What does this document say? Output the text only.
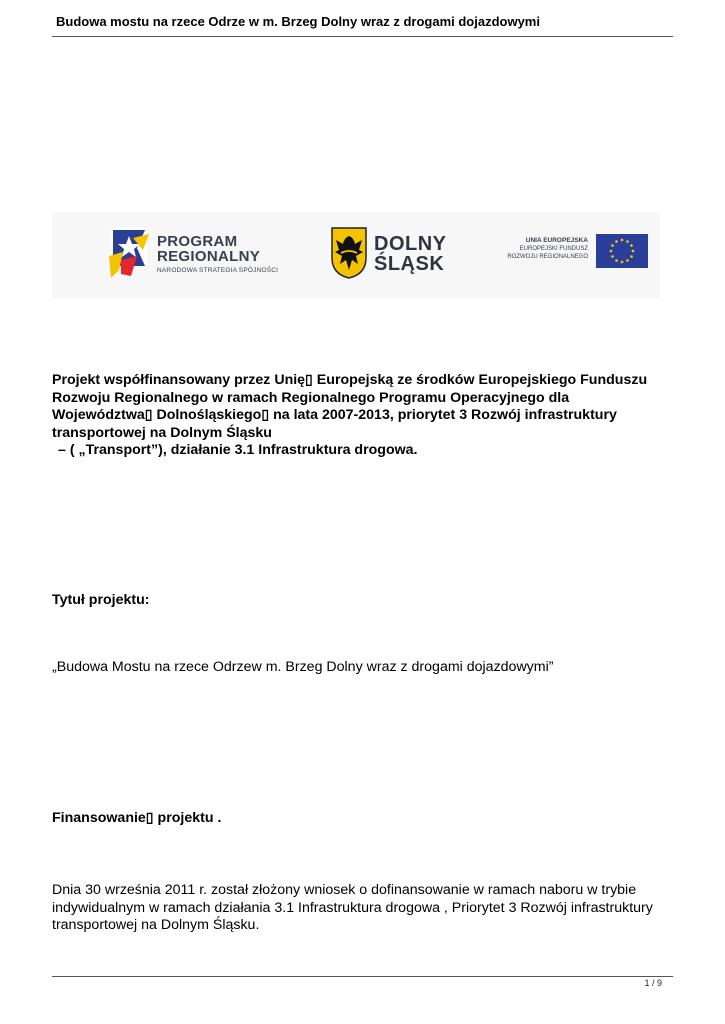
Budowa mostu na rzece Odrze w m. Brzeg Dolny wraz z drogami dojazdowymi
PROGRAM
REGIONALNY
NARODOWA STRATEGIA SPÓJNOŚCI
DOLNY
ŚLĄSK
UNIA EUROPEJSKA
EUROPEJSKI FUNDUSZ
ROZWOJU REGIONALNEGO
Projekt współfinansowany przez Unię▯ Europejską ze środków Europejskiego Funduszu
Rozwoju Regionalnego w ramach Regionalnego Programu Operacyjnego dla
Województwa▯ Dolnośląskiego▯ na lata 2007-2013, priorytet 3 Rozwój infrastruktury
transportowej na Dolnym Śląsku
– ( „Transport”), działanie 3.1 Infrastruktura drogowa.
Tytuł projektu:
„Budowa Mostu na rzece Odrzew m. Brzeg Dolny wraz z drogami dojazdowymi”
Finansowanie▯ projektu .
Dnia 30 września 2011 r. został złożony wniosek o dofinansowanie w ramach naboru w trybie
indywidualnym w ramach działania 3.1 Infrastruktura drogowa , Priorytet 3 Rozwój infrastruktury
transportowej na Dolnym Śląsku.
1 / 9
